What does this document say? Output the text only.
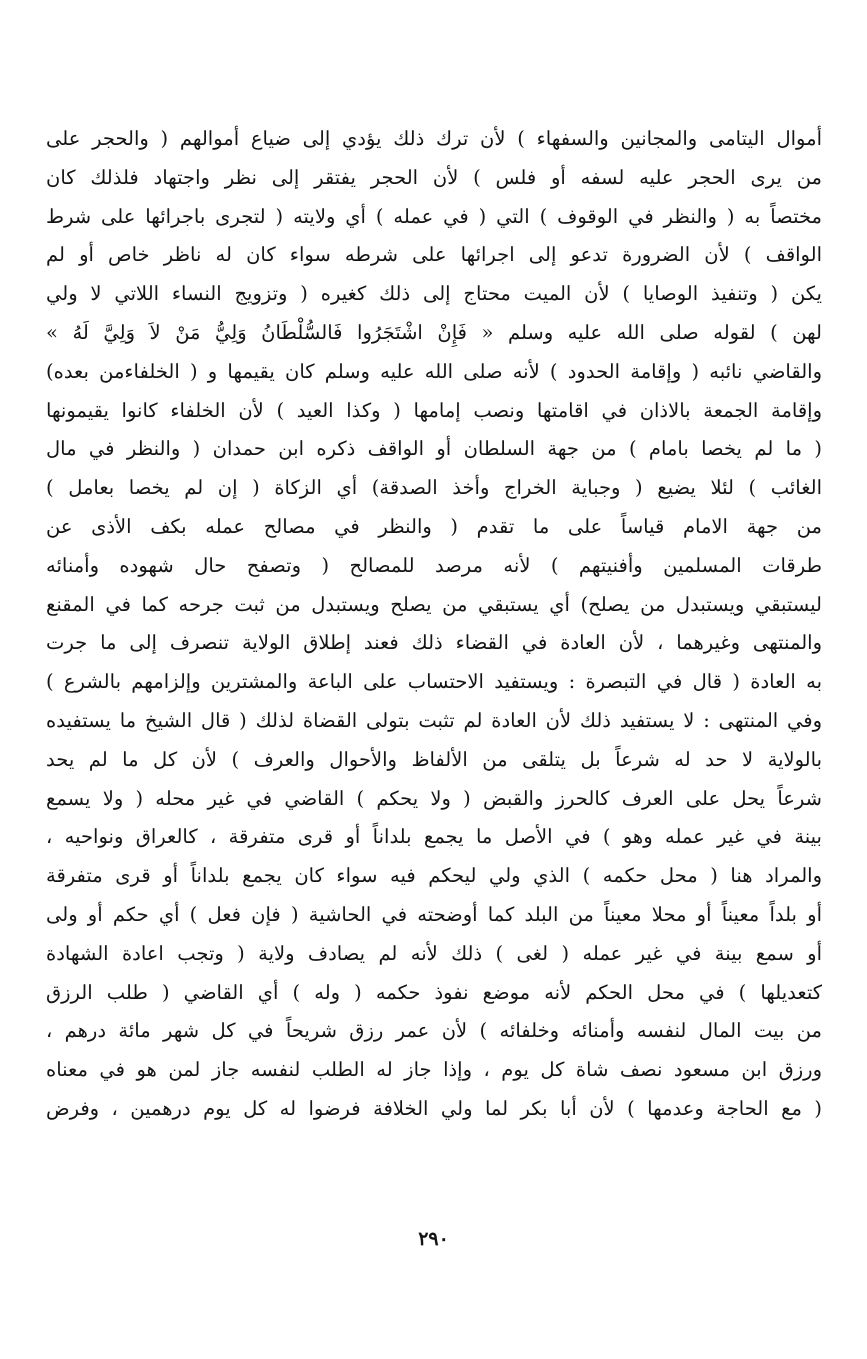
أموال اليتامى والمجانين والسفهاء ) لأن ترك ذلك يؤدي إلى ضياع أموالهم ( والحجر على
من يرى الحجر عليه لسفه أو فلس ) لأن الحجر يفتقر إلى نظر واجتهاد فلذلك كان
مختصاً به ( والنظر في الوقوف ) التي ( في عمله ) أي ولايته ( لتجرى باجرائها على شرط
الواقف ) لأن الضرورة تدعو إلى اجرائها على شرطه سواء كان له ناظر خاص أو لم
يكن ( وتنفيذ الوصايا ) لأن الميت محتاج إلى ذلك كغيره ( وتزويج النساء اللاتي لا ولي
لهن ) لقوله صلى الله عليه وسلم « فَإِنْ اشْتَجَرُوا فَالسُّلْطَانُ وَلِيُّ مَنْ لاَ وَلِيَّ لَهُ »
والقاضي نائبه ( وإقامة الحدود ) لأنه صلى الله عليه وسلم كان يقيمها و ( الخلفاءمن بعده)
وإقامة الجمعة بالاذان في اقامتها ونصب إمامها ( وكذا العيد ) لأن الخلفاء كانوا يقيمونها
( ما لم يخصا بامام ) من جهة السلطان أو الواقف ذكره ابن حمدان ( والنظر في مال
الغائب ) لئلا يضيع ( وجباية الخراج وأخذ الصدقة) أي الزكاة ( إن لم يخصا بعامل )
من جهة الامام قياساً على ما تقدم ( والنظر في مصالح عمله بكف الأذى عن
طرقات المسلمين وأفنيتهم ) لأنه مرصد للمصالح ( وتصفح حال شهوده وأمنائه
ليستبقي ويستبدل من يصلح) أي يستبقي من يصلح ويستبدل من ثبت جرحه كما في المقنع
والمنتهى وغيرهما ، لأن العادة في القضاء ذلك فعند إطلاق الولاية تنصرف إلى ما جرت
به العادة ( قال في التبصرة : ويستفيد الاحتساب على الباعة والمشترين وإلزامهم بالشرع )
وفي المنتهى : لا يستفيد ذلك لأن العادة لم تثبت بتولى القضاة لذلك ( قال الشيخ ما يستفيده
بالولاية لا حد له شرعاً بل يتلقى من الألفاظ والأحوال والعرف ) لأن كل ما لم يحد
شرعاً يحل على العرف كالحرز والقبض ( ولا يحكم ) القاضي في غير محله ( ولا يسمع
بينة في غير عمله وهو ) في الأصل ما يجمع بلداناً أو قرى متفرقة ، كالعراق ونواحيه ،
والمراد هنا ( محل حكمه ) الذي ولي ليحكم فيه سواء كان يجمع بلداناً أو قرى متفرقة
أو بلداً معيناً أو محلا معيناً من البلد كما أوضحته في الحاشية ( فإن فعل ) أي حكم أو ولى
أو سمع بينة في غير عمله ( لغى ) ذلك لأنه لم يصادف ولاية ( وتجب اعادة الشهادة
كتعديلها ) في محل الحكم لأنه موضع نفوذ حكمه ( وله ) أي القاضي ( طلب الرزق
من بيت المال لنفسه وأمنائه وخلفائه ) لأن عمر رزق شريحاً في كل شهر مائة درهم ،
ورزق ابن مسعود نصف شاة كل يوم ، وإذا جاز له الطلب لنفسه جاز لمن هو في معناه
( مع الحاجة وعدمها ) لأن أبا بكر لما ولي الخلافة فرضوا له كل يوم درهمين ، وفرض
٢٩٠
